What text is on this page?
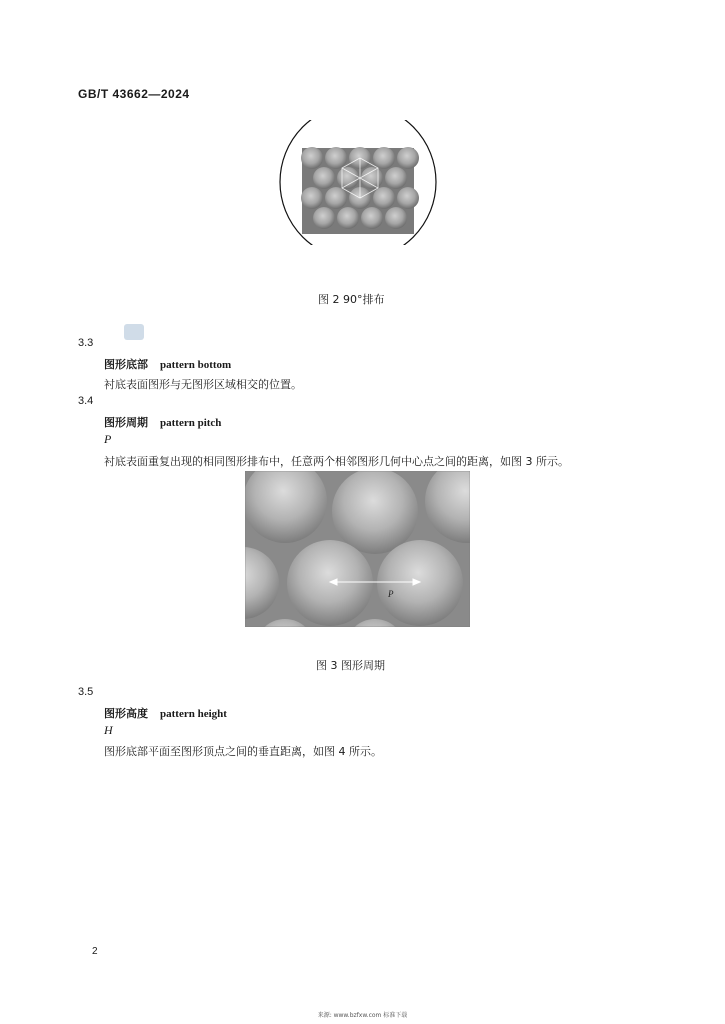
GB/T 43662—2024
图 2 90°排布
3.3
图形底部 pattern bottom
衬底表面图形与无图形区域相交的位置。
3.4
图形周期 pattern pitch
P
衬底表面重复出现的相同图形排布中，任意两个相邻图形几何中心点之间的距离，如图 3 所示。
P
图 3 图形周期
3.5
图形高度 pattern height
H
图形底部平面至图形顶点之间的垂直距离，如图 4 所示。
2
来源: www.bzfxw.com 标准下载
